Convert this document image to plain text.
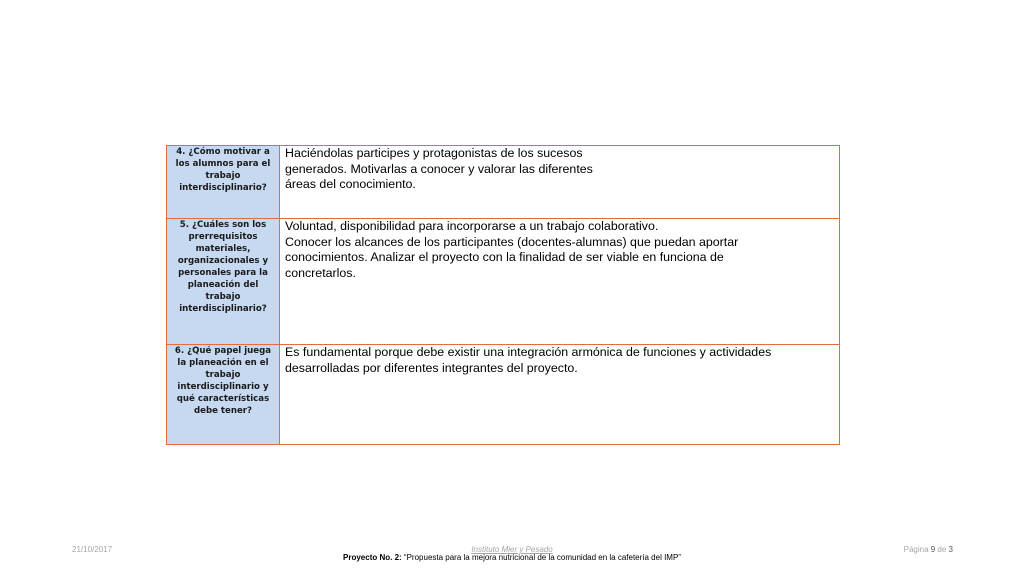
4. ¿Cómo motivar a los alumnos para el trabajo interdisciplinario?	Haciéndolas participes y protagonistas de los sucesos
generados. Motivarlas a conocer y valorar las diferentes
áreas del conocimiento.

5. ¿Cuáles son los prerrequisitos materiales, organizacionales y personales para la planeación del trabajo interdisciplinario?	Voluntad, disponibilidad para incorporarse a un trabajo colaborativo.
Conocer los alcances de los participantes (docentes-alumnas) que puedan aportar
conocimientos. Analizar el proyecto con la finalidad de ser viable en funciona de
concretarlos.

6. ¿Qué papel juega la planeación en el trabajo interdisciplinario y qué características debe tener?	Es fundamental porque debe existir una integración armónica de funciones y actividades
desarrolladas por diferentes integrantes del proyecto.
21/10/2017	Instituto Mier y Pesado
Proyecto No. 2: “Propuesta para la mejora nutricional de la comunidad en la cafetería del IMP”
Página 9 de 3
